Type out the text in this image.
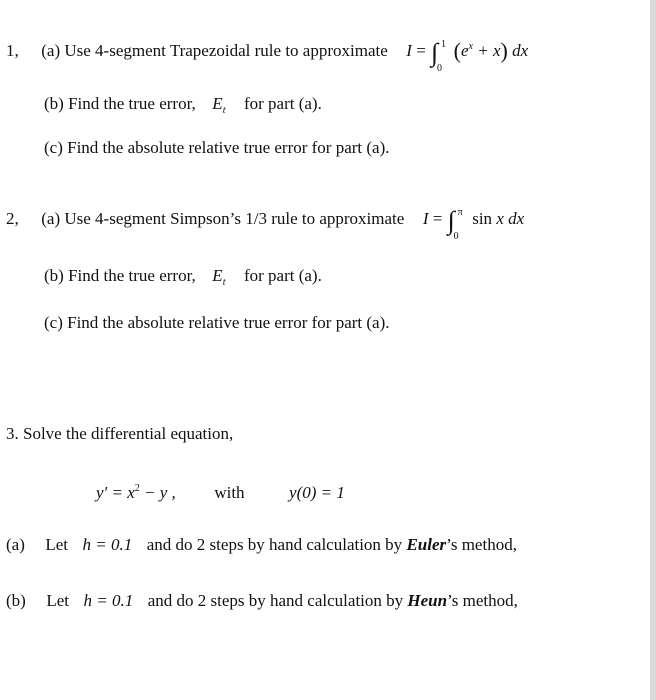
1, (a) Use 4-segment Trapezoidal rule to approximate I = ∫ 1
0
$(e^x + x)$ dx
(b) Find the true error, $E_t$ for part (a).
(c) Find the absolute relative true error for part (a).
2, (a) Use 4-segment Simpson’s 1/3 rule to approximate I = ∫ π
0
sin x dx
(b) Find the true error, $E_t$ for part (a).
(c) Find the absolute relative true error for part (a).
3. Solve the differential equation,
$y' = x^2 - y$ , with	y(0) = 1
(a) Let h = 0.1 and do 2 steps by hand calculation by Euler’s method,
(b) Let h = 0.1 and do 2 steps by hand calculation by Heun’s method,
